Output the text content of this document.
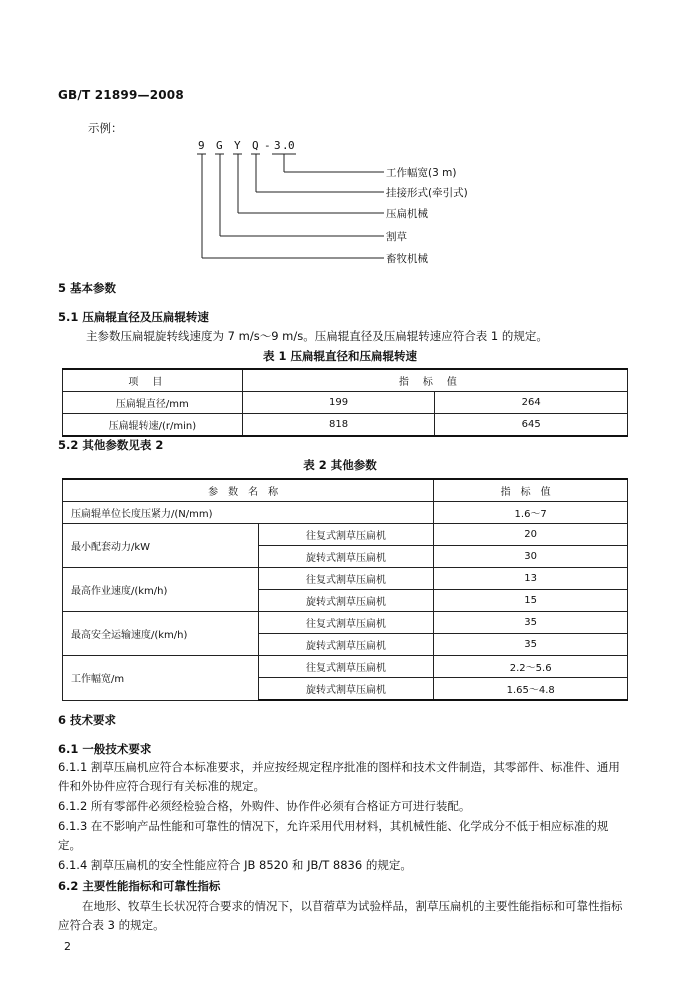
GB/T 21899—2008
示例：
9 G Y Q - 3 . 0
工作幅宽(3 m)
挂接形式(牵引式)
压扁机械
割草
畜牧机械
5 基本参数
5.1 压扁辊直径及压扁辊转速
主参数压扁辊旋转线速度为 7 m/s～9 m/s。压扁辊直径及压扁辊转速应符合表 1 的规定。
表 1 压扁辊直径和压扁辊转速
项目	指标值	
压扁辊直径/mm	199	264
压扁辊转速/(r/min)	818	645
5.2 其他参数见表 2
表 2 其他参数
参数名称		指标值
压扁辊单位长度压紧力/(N/mm)		1.6～7
最小配套动力/kW	往复式割草压扁机	20
	旋转式割草压扁机	30
最高作业速度/(km/h)	往复式割草压扁机	13
	旋转式割草压扁机	15
最高安全运输速度/(km/h)	往复式割草压扁机	35
	旋转式割草压扁机	35
工作幅宽/m	往复式割草压扁机	2.2～5.6
	旋转式割草压扁机	1.65～4.8
6 技术要求
6.1 一般技术要求
6.1.1 割草压扁机应符合本标准要求，并应按经规定程序批准的图样和技术文件制造，其零部件、标准件、通用件和外协件应符合现行有关标准的规定。
6.1.2 所有零部件必须经检验合格，外购件、协作件必须有合格证方可进行装配。
6.1.3 在不影响产品性能和可靠性的情况下，允许采用代用材料，其机械性能、化学成分不低于相应标准的规定。
6.1.4 割草压扁机的安全性能应符合 JB 8520 和 JB/T 8836 的规定。
6.2 主要性能指标和可靠性指标
在地形、牧草生长状况符合要求的情况下，以苜蓿草为试验样品，割草压扁机的主要性能指标和可靠性指标应符合表 3 的规定。
2
